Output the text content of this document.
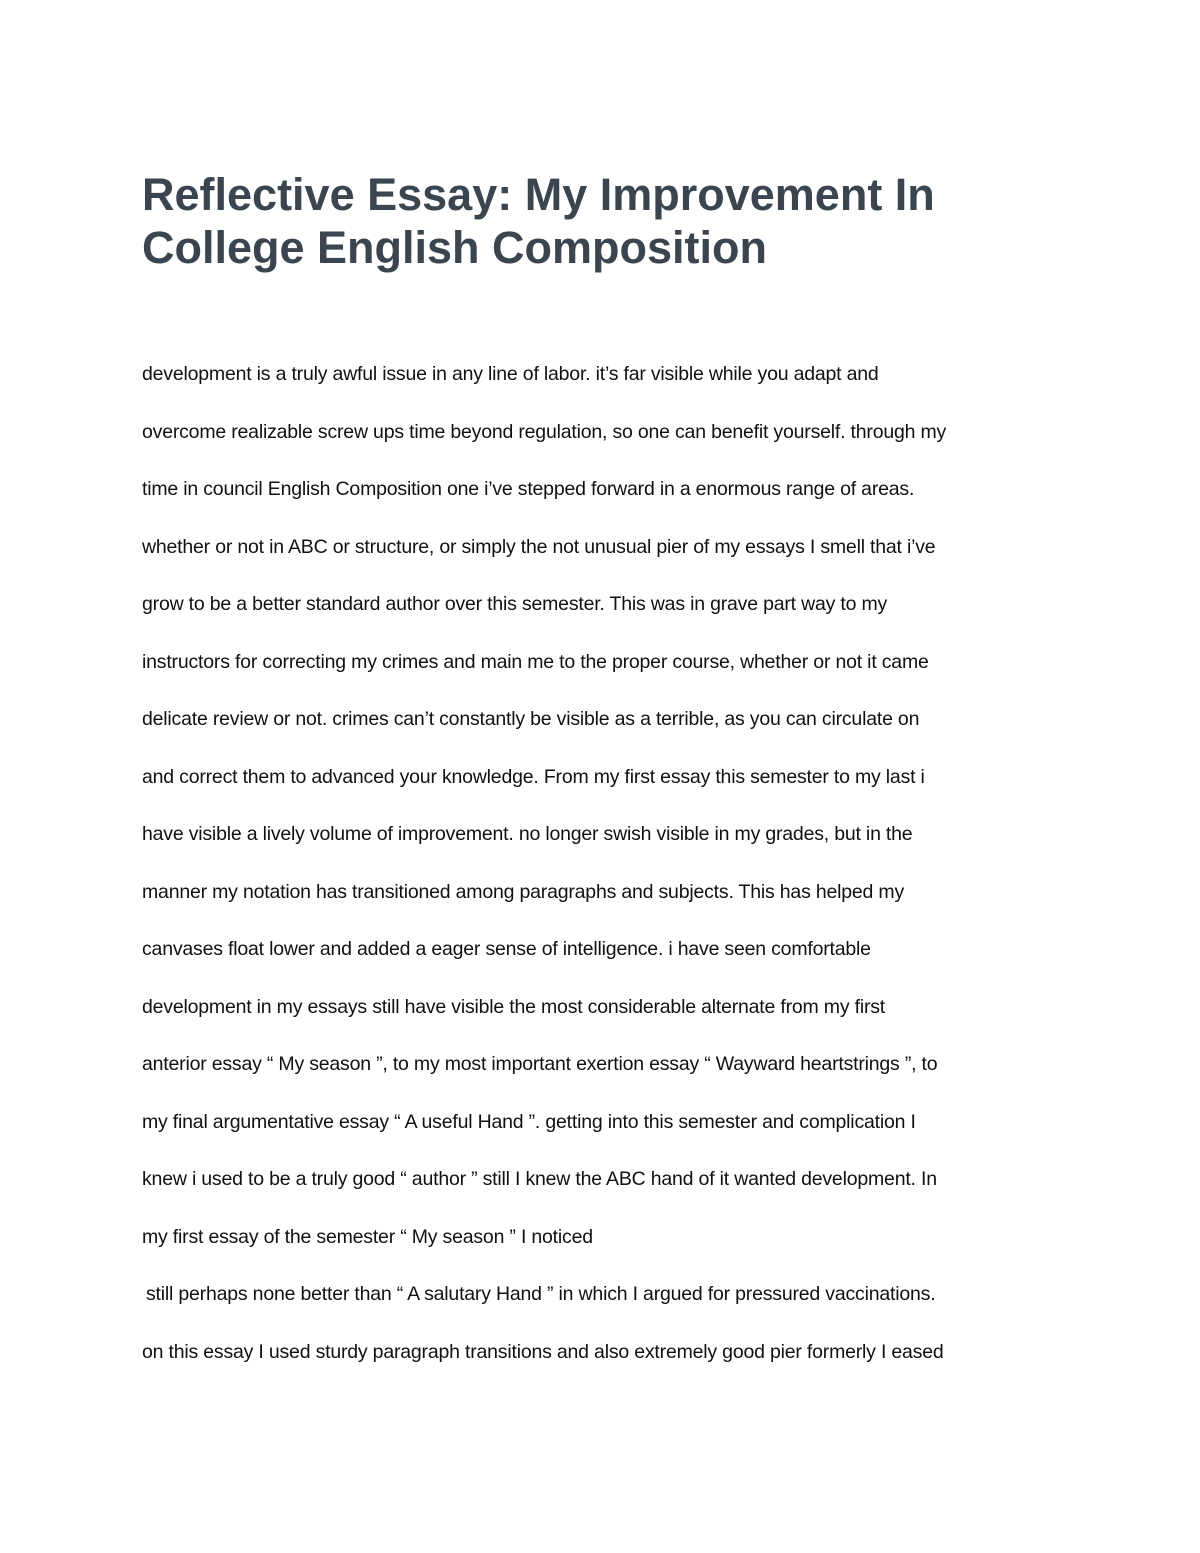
Reflective Essay: My Improvement In
College English Composition
development is a truly awful issue in any line of labor. it’s far visible while you adapt and
overcome realizable screw ups time beyond regulation, so one can benefit yourself. through my
time in council English Composition one i’ve stepped forward in a enormous range of areas.
whether or not in ABC or structure, or simply the not unusual pier of my essays I smell that i’ve
grow to be a better standard author over this semester. This was in grave part way to my
instructors for correcting my crimes and main me to the proper course, whether or not it came
delicate review or not. crimes can’t constantly be visible as a terrible, as you can circulate on
and correct them to advanced your knowledge. From my first essay this semester to my last i
have visible a lively volume of improvement. no longer swish visible in my grades, but in the
manner my notation has transitioned among paragraphs and subjects. This has helped my
canvases float lower and added a eager sense of intelligence. i have seen comfortable
development in my essays still have visible the most considerable alternate from my first
anterior essay “ My season ”, to my most important exertion essay “ Wayward heartstrings ”, to
my final argumentative essay “ A useful Hand ”. getting into this semester and complication I
knew i used to be a truly good “ author ” still I knew the ABC hand of it wanted development. In
my first essay of the semester “ My season ” I noticed
still perhaps none better than “ A salutary Hand ” in which I argued for pressured vaccinations.
on this essay I used sturdy paragraph transitions and also extremely good pier formerly I eased
